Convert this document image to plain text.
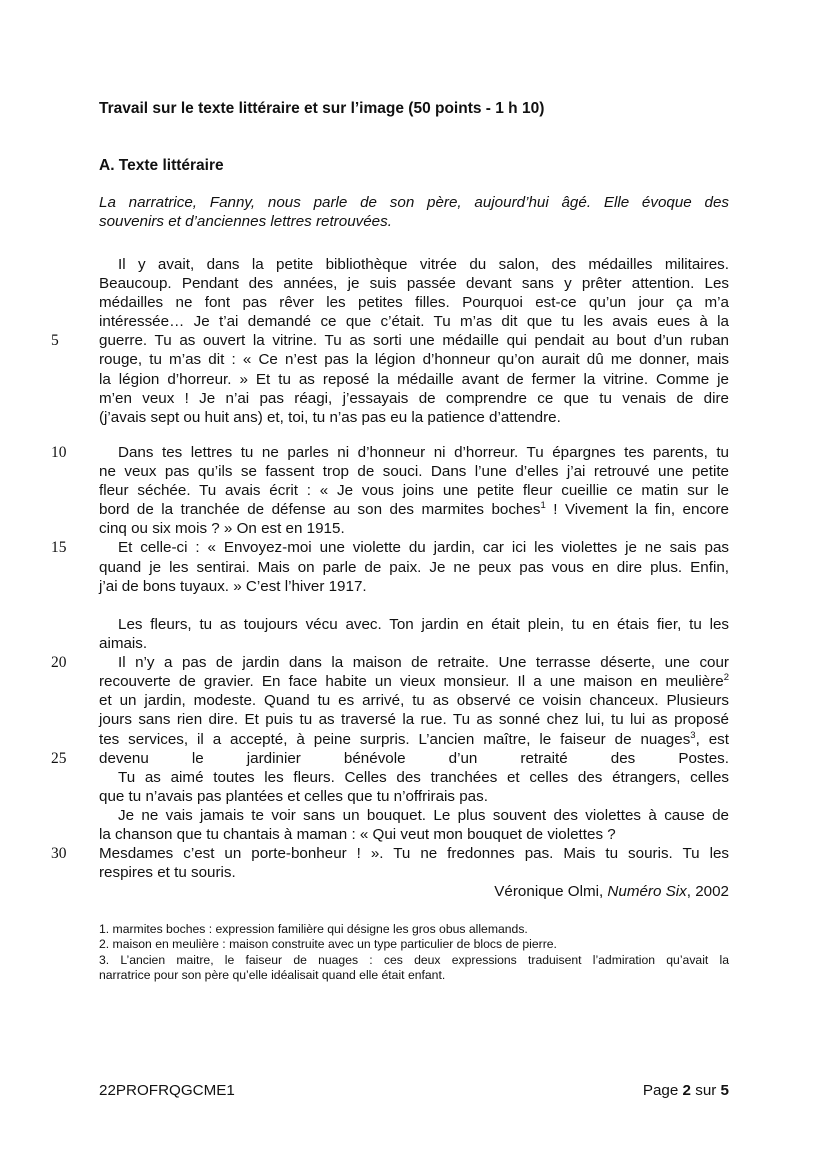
Travail sur le texte littéraire et sur l’image (50 points - 1 h 10)
A. Texte littéraire
La narratrice, Fanny, nous parle de son père, aujourd’hui âgé. Elle évoque des
souvenirs et d’anciennes lettres retrouvées.
Il y avait, dans la petite bibliothèque vitrée du salon, des médailles militaires.
Beaucoup. Pendant des années, je suis passée devant sans y prêter attention. Les
médailles ne font pas rêver les petites filles. Pourquoi est-ce qu’un jour ça m’a
intéressée… Je t’ai demandé ce que c’était. Tu m’as dit que tu les avais eues à la
5	guerre. Tu as ouvert la vitrine. Tu as sorti une médaille qui pendait au bout d’un ruban
rouge, tu m’as dit : « Ce n’est pas la légion d’honneur qu’on aurait dû me donner, mais
la légion d’horreur. » Et tu as reposé la médaille avant de fermer la vitrine. Comme je
m’en veux ! Je n’ai pas réagi, j’essayais de comprendre ce que tu venais de dire
(j’avais sept ou huit ans) et, toi, tu n’as pas eu la patience d’attendre.
10	Dans tes lettres tu ne parles ni d’honneur ni d’horreur. Tu épargnes tes parents, tu
ne veux pas qu’ils se fassent trop de souci. Dans l’une d’elles j’ai retrouvé une petite
fleur séchée. Tu avais écrit : « Je vous joins une petite fleur cueillie ce matin sur le
bord de la tranchée de défense au son des marmites boches$^1$ ! Vivement la fin, encore
cinq ou six mois ? » On est en 1915.
15	Et celle-ci : « Envoyez-moi une violette du jardin, car ici les violettes je ne sais pas
quand je les sentirai. Mais on parle de paix. Je ne peux pas vous en dire plus. Enfin,
j’ai de bons tuyaux. » C’est l’hiver 1917.
Les fleurs, tu as toujours vécu avec. Ton jardin en était plein, tu en étais fier, tu les
aimais.
20	Il n’y a pas de jardin dans la maison de retraite. Une terrasse déserte, une cour
recouverte de gravier. En face habite un vieux monsieur. Il a une maison en meulière$^2$
et un jardin, modeste. Quand tu es arrivé, tu as observé ce voisin chanceux. Plusieurs
jours sans rien dire. Et puis tu as traversé la rue. Tu as sonné chez lui, tu lui as proposé
tes services, il a accepté, à peine surpris. L’ancien maître, le faiseur de nuages$^3$, est
25	devenu le jardinier bénévole d’un retraité des Postes.
Tu as aimé toutes les fleurs. Celles des tranchées et celles des étrangers, celles
que tu n’avais pas plantées et celles que tu n’offrirais pas.
Je ne vais jamais te voir sans un bouquet. Le plus souvent des violettes à cause de
la chanson que tu chantais à maman : « Qui veut mon bouquet de violettes ?
30	Mesdames c’est un porte-bonheur ! ». Tu ne fredonnes pas. Mais tu souris. Tu les
respires et tu souris.
Véronique Olmi, Numéro Six, 2002
1. marmites boches : expression familière qui désigne les gros obus allemands.
2. maison en meulière : maison construite avec un type particulier de blocs de pierre.
3. L’ancien maitre, le faiseur de nuages : ces deux expressions traduisent l’admiration qu’avait la
narratrice pour son père qu’elle idéalisait quand elle était enfant.
22PROFRQGCME1	Page 2 sur 5
